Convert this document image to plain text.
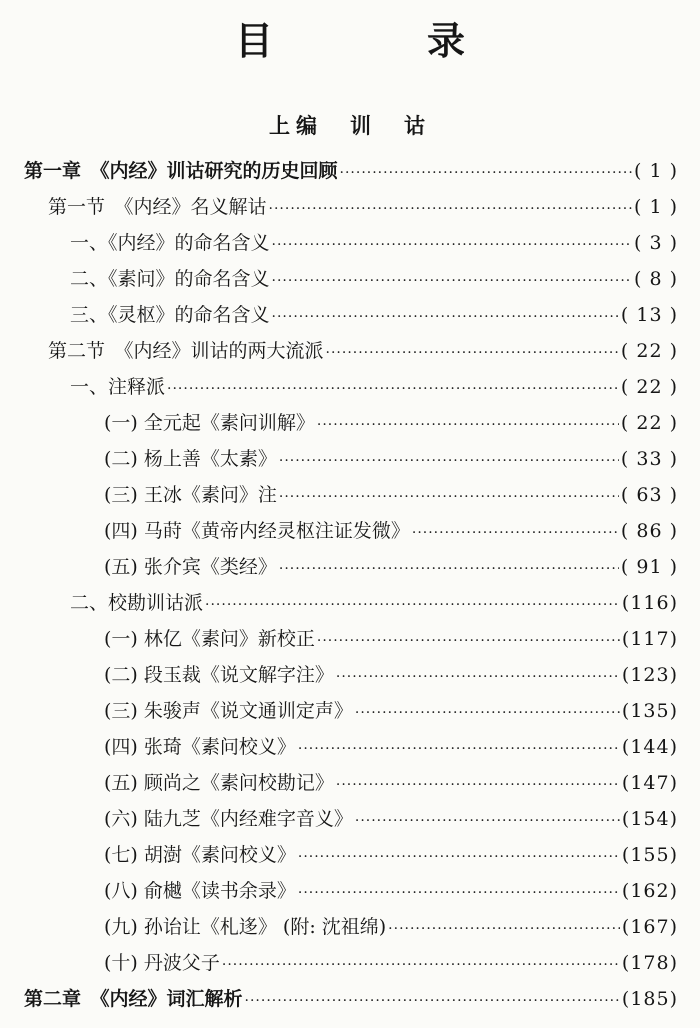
目　录
上编　训　诂
第一章　《内经》训诂研究的历史回顾 ·····	( 1 )
第一节　《内经》名义解诂 ·····	( 1 )
一、《内经》的命名含义 ·····	( 3 )
二、《素问》的命名含义 ·····	( 8 )
三、《灵枢》的命名含义 ·····	( 13 )
第二节　《内经》训诂的两大流派 ·····	( 22 )
一、注释派 ·····	( 22 )
(一) 全元起《素问训解》 ·····	( 22 )
(二) 杨上善《太素》 ·····	( 33 )
(三) 王冰《素问》注 ·····	( 63 )
(四) 马莳《黄帝内经灵枢注证发微》 ·····	( 86 )
(五) 张介宾《类经》 ·····	( 91 )
二、校勘训诂派 ·····	(116)
(一) 林亿《素问》新校正 ·····	(117)
(二) 段玉裁《说文解字注》 ·····	(123)
(三) 朱骏声《说文通训定声》 ·····	(135)
(四) 张琦《素问校义》 ·····	(144)
(五) 顾尚之《素问校勘记》 ·····	(147)
(六) 陆九芝《内经难字音义》 ·····	(154)
(七) 胡澍《素问校义》 ·····	(155)
(八) 俞樾《读书余录》 ·····	(162)
(九) 孙诒让《札迻》 (附: 沈祖绵) ·····	(167)
(十) 丹波父子 ·····	(178)
第二章　《内经》词汇解析 ·····	(185)
